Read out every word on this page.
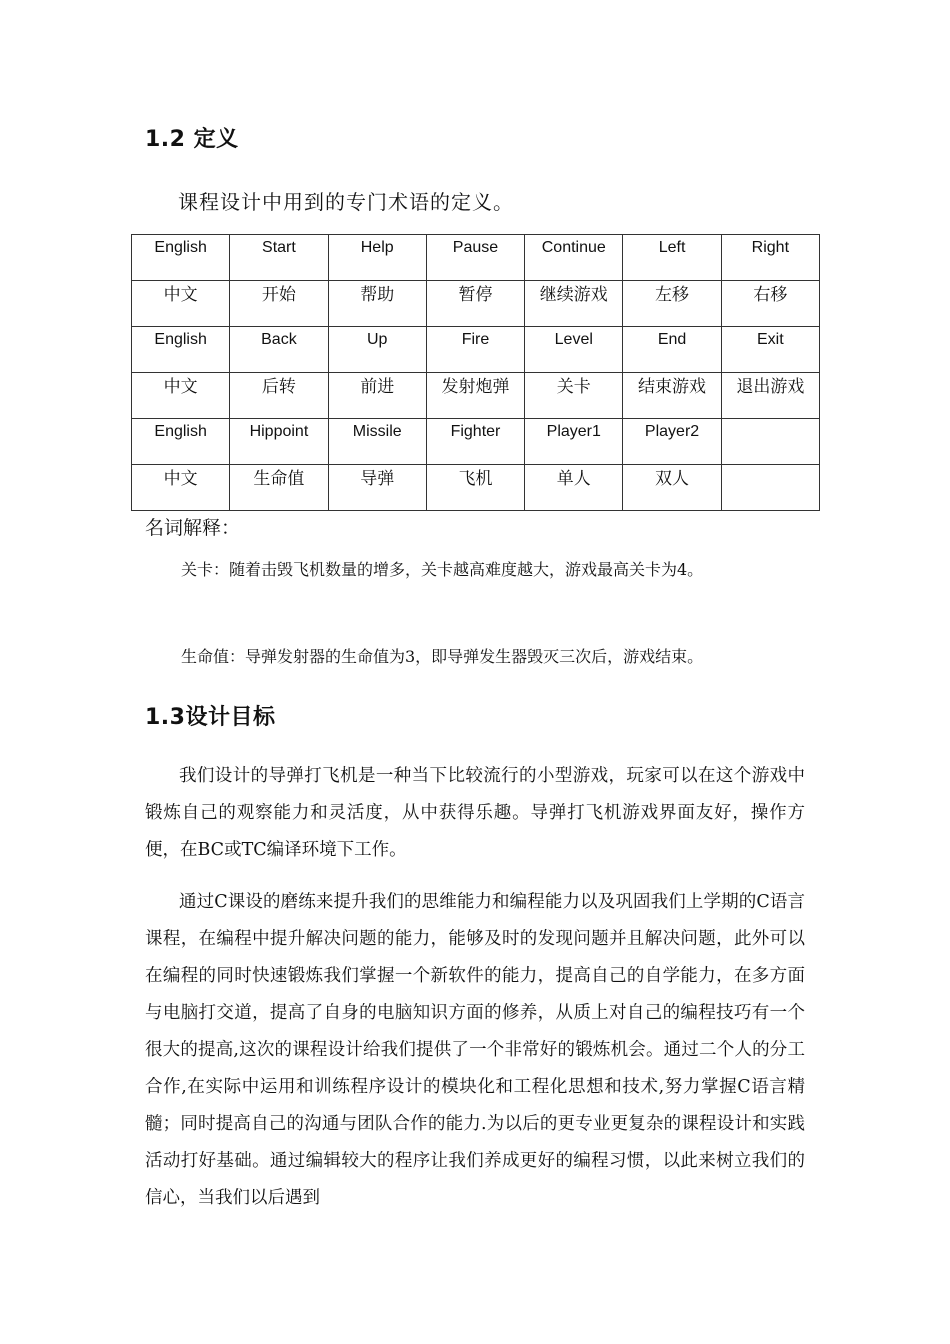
1.2 定义

课程设计中用到的专门术语的定义。

English	Start	Help	Pause	Continue	Left	Right
中文	开始	帮助	暂停	继续游戏	左移	右移
English	Back	Up	Fire	Level	End	Exit
中文	后转	前进	发射炮弹	关卡	结束游戏	退出游戏
English	Hippoint	Missile	Fighter	Player1	Player2	
中文	生命值	导弹	飞机	单人	双人	

名词解释：

关卡：随着击毁飞机数量的增多，关卡越高难度越大，游戏最高关卡为4。

生命值：导弹发射器的生命值为3，即导弹发生器毁灭三次后，游戏结束。

1.3设计目标

我们设计的导弹打飞机是一种当下比较流行的小型游戏，玩家可以在这个游戏中锻炼自己的观察能力和灵活度，从中获得乐趣。导弹打飞机游戏界面友好，操作方便，在BC或TC编译环境下工作。

通过C课设的磨练来提升我们的思维能力和编程能力以及巩固我们上学期的C语言课程，在编程中提升解决问题的能力，能够及时的发现问题并且解决问题，此外可以在编程的同时快速锻炼我们掌握一个新软件的能力，提高自己的自学能力，在多方面与电脑打交道，提高了自身的电脑知识方面的修养，从质上对自己的编程技巧有一个很大的提高,这次的课程设计给我们提供了一个非常好的锻炼机会。通过二个人的分工合作,在实际中运用和训练程序设计的模块化和工程化思想和技术,努力掌握C语言精髓；同时提高自己的沟通与团队合作的能力.为以后的更专业更复杂的课程设计和实践活动打好基础。通过编辑较大的程序让我们养成更好的编程习惯，以此来树立我们的信心，当我们以后遇到
